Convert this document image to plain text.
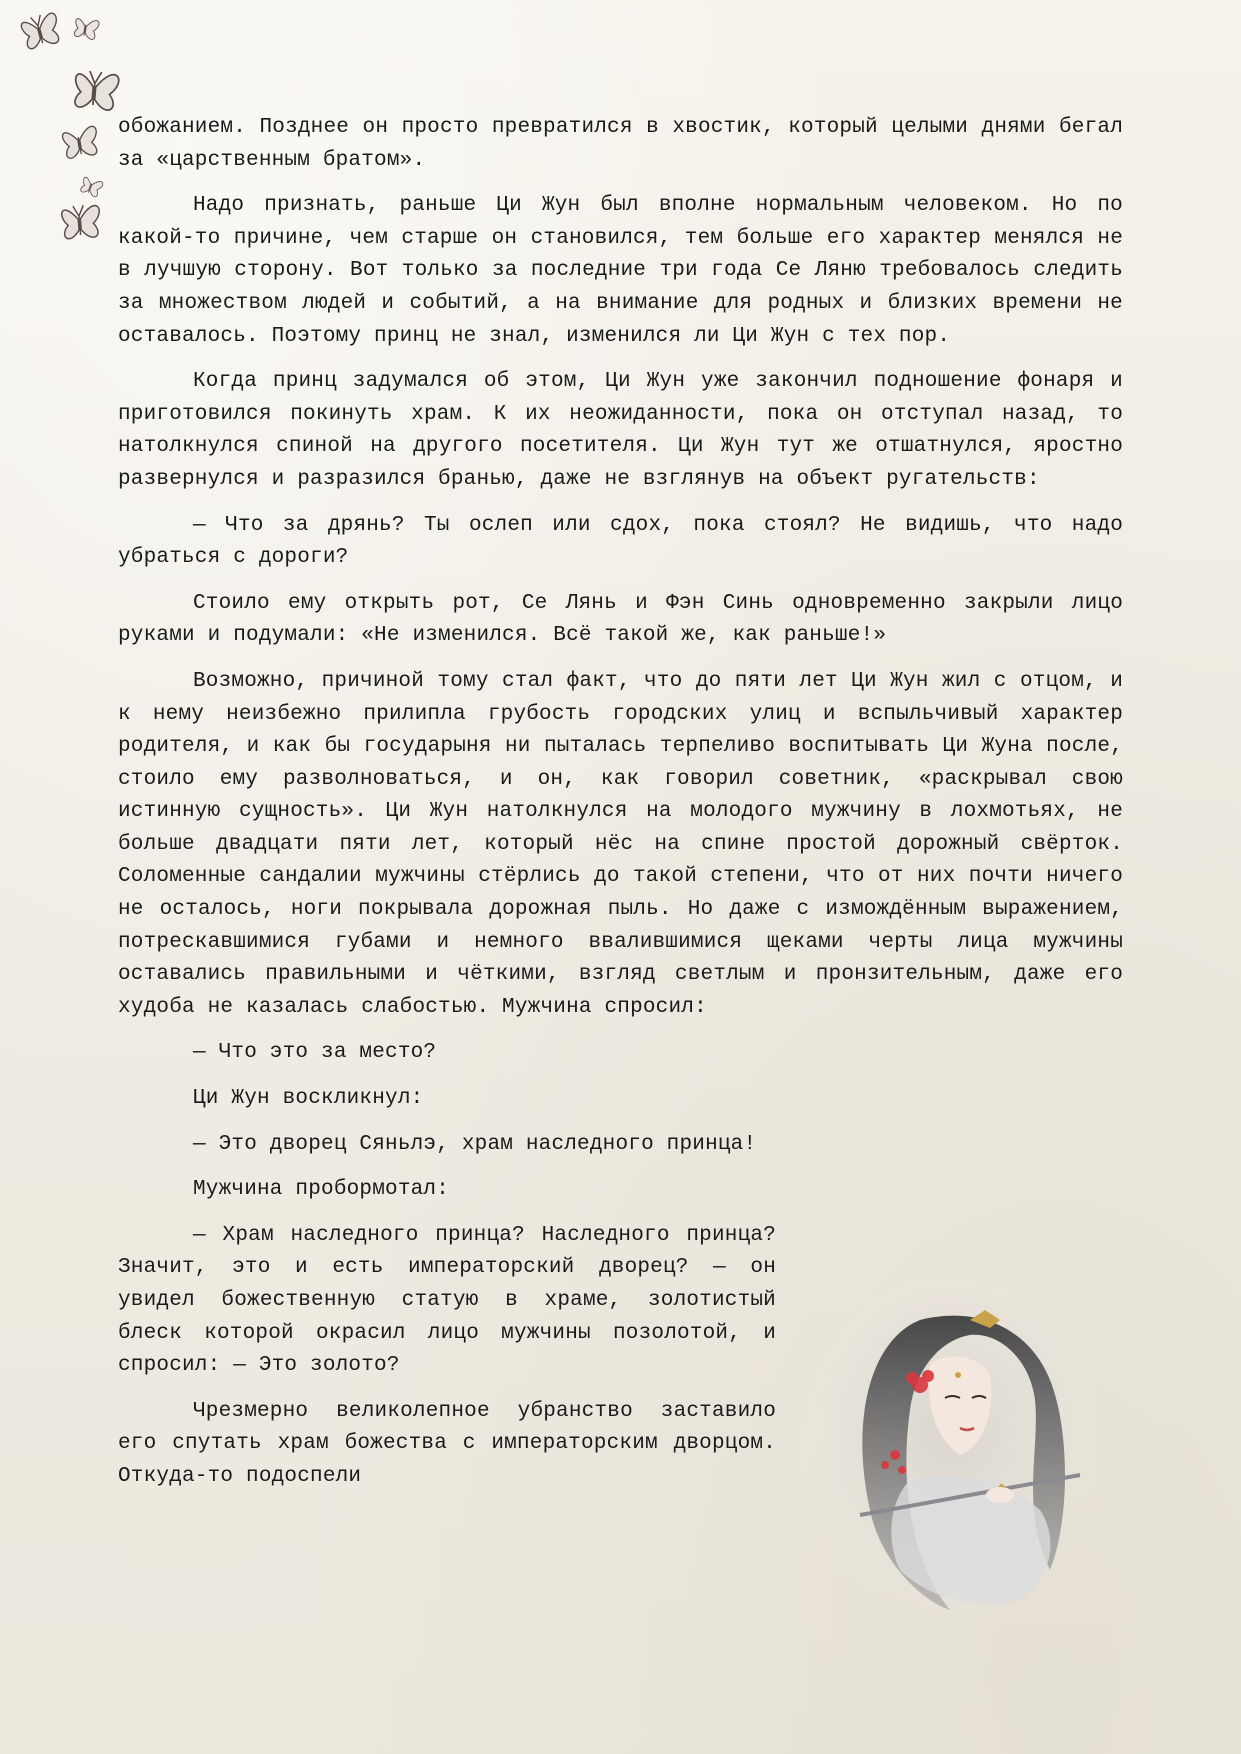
обожанием. Позднее он просто превратился в хвостик, который целыми днями бегал за «царственным братом».

Надо признать, раньше Ци Жун был вполне нормальным человеком. Но по какой-то причине, чем старше он становился, тем больше его характер менялся не в лучшую сторону. Вот только за последние три года Се Ляню требовалось следить за множеством людей и событий, а на внимание для родных и близких времени не оставалось. Поэтому принц не знал, изменился ли Ци Жун с тех пор.

Когда принц задумался об этом, Ци Жун уже закончил подношение фонаря и приготовился покинуть храм. К их неожиданности, пока он отступал назад, то натолкнулся спиной на другого посетителя. Ци Жун тут же отшатнулся, яростно развернулся и разразился бранью, даже не взглянув на объект ругательств:

— Что за дрянь? Ты ослеп или сдох, пока стоял? Не видишь, что надо убраться с дороги?

Стоило ему открыть рот, Се Лянь и Фэн Синь одновременно закрыли лицо руками и подумали: «Не изменился. Всё такой же, как раньше!»

Возможно, причиной тому стал факт, что до пяти лет Ци Жун жил с отцом, и к нему неизбежно прилипла грубость городских улиц и вспыльчивый характер родителя, и как бы государыня ни пыталась терпеливо воспитывать Ци Жуна после, стоило ему разволноваться, и он, как говорил советник, «раскрывал свою истинную сущность». Ци Жун натолкнулся на молодого мужчину в лохмотьях, не больше двадцати пяти лет, который нёс на спине простой дорожный свёрток. Соломенные сандалии мужчины стёрлись до такой степени, что от них почти ничего не осталось, ноги покрывала дорожная пыль. Но даже с измождённым выражением, потрескавшимися губами и немного ввалившимися щеками черты лица мужчины оставались правильными и чёткими, взгляд светлым и пронзительным, даже его худоба не казалась слабостью. Мужчина спросил:

— Что это за место?

Ци Жун воскликнул:

— Это дворец Сяньлэ, храм наследного принца!

Мужчина пробормотал:

— Храм наследного принца? Наследного принца? Значит, это и есть императорский дворец? — он увидел божественную статую в храме, золотистый блеск которой окрасил лицо мужчины позолотой, и спросил: — Это золото?

Чрезмерно великолепное убранство заставило его спутать храм божества с императорским дворцом. Откуда-то подоспели
